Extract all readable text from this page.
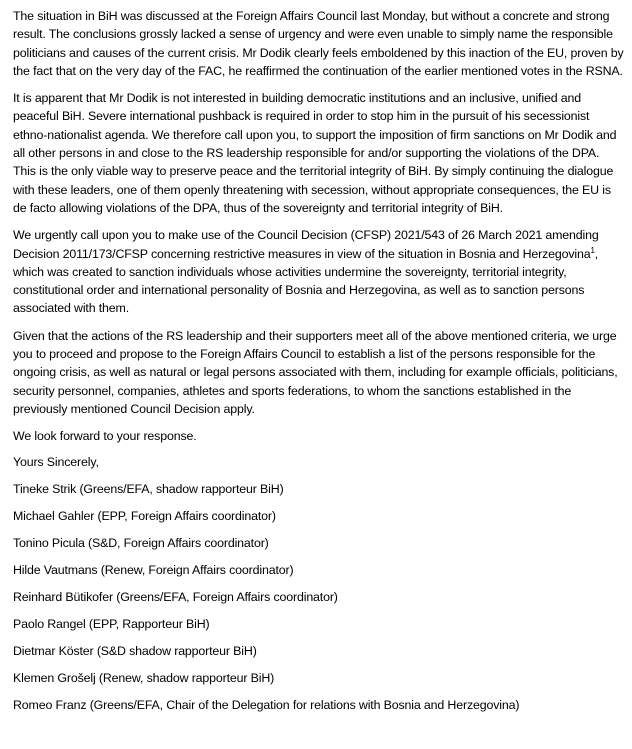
The situation in BiH was discussed at the Foreign Affairs Council last Monday, but without a concrete and strong result. The conclusions grossly lacked a sense of urgency and were even unable to simply name the responsible politicians and causes of the current crisis. Mr Dodik clearly feels emboldened by this inaction of the EU, proven by the fact that on the very day of the FAC, he reaffirmed the continuation of the earlier mentioned votes in the RSNA.

It is apparent that Mr Dodik is not interested in building democratic institutions and an inclusive, unified and peaceful BiH. Severe international pushback is required in order to stop him in the pursuit of his secessionist ethno-nationalist agenda. We therefore call upon you, to support the imposition of firm sanctions on Mr Dodik and all other persons in and close to the RS leadership responsible for and/or supporting the violations of the DPA. This is the only viable way to preserve peace and the territorial integrity of BiH. By simply continuing the dialogue with these leaders, one of them openly threatening with secession, without appropriate consequences, the EU is de facto allowing violations of the DPA, thus of the sovereignty and territorial integrity of BiH.

We urgently call upon you to make use of the Council Decision (CFSP) 2021/543 of 26 March 2021 amending Decision 2011/173/CFSP concerning restrictive measures in view of the situation in Bosnia and Herzegovina$^1$, which was created to sanction individuals whose activities undermine the sovereignty, territorial integrity, constitutional order and international personality of Bosnia and Herzegovina, as well as to sanction persons associated with them.

Given that the actions of the RS leadership and their supporters meet all of the above mentioned criteria, we urge you to proceed and propose to the Foreign Affairs Council to establish a list of the persons responsible for the ongoing crisis, as well as natural or legal persons associated with them, including for example officials, politicians, security personnel, companies, athletes and sports federations, to whom the sanctions established in the previously mentioned Council Decision apply.

We look forward to your response.

Yours Sincerely,

Tineke Strik (Greens/EFA, shadow rapporteur BiH)

Michael Gahler (EPP, Foreign Affairs coordinator)

Tonino Picula (S&D, Foreign Affairs coordinator)

Hilde Vautmans (Renew, Foreign Affairs coordinator)

Reinhard Bütikofer (Greens/EFA, Foreign Affairs coordinator)

Paolo Rangel (EPP, Rapporteur BiH)

Dietmar Köster (S&D shadow rapporteur BiH)

Klemen Grošelj (Renew, shadow rapporteur BiH)

Romeo Franz (Greens/EFA, Chair of the Delegation for relations with Bosnia and Herzegovina)
